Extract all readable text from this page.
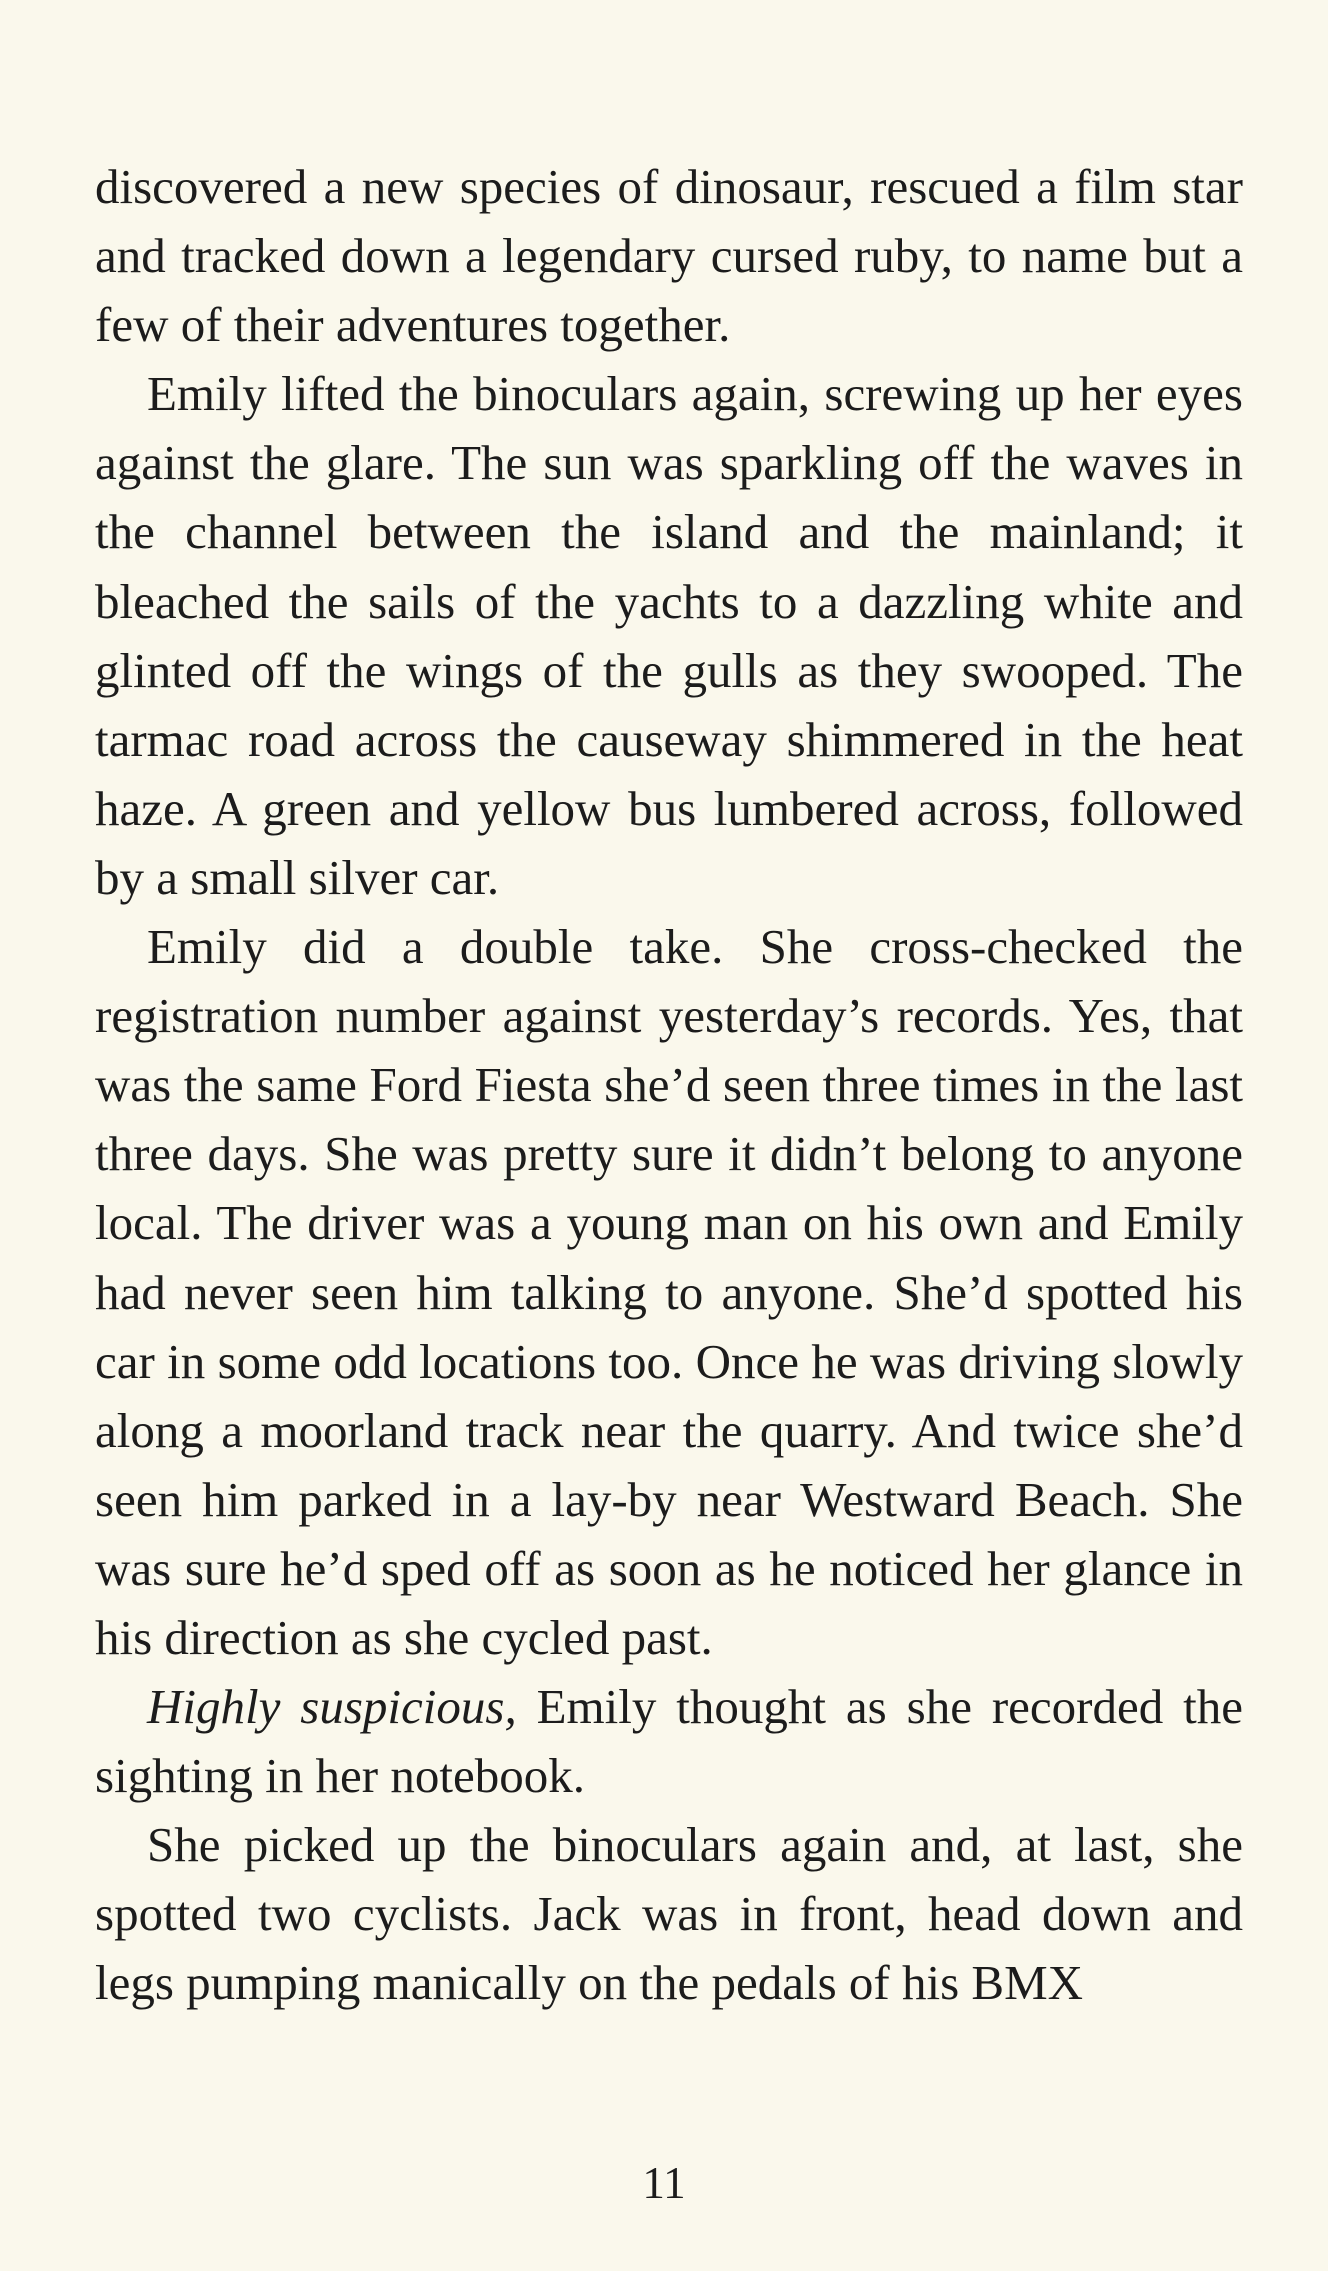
discovered a new species of dinosaur, rescued a film star and tracked down a legendary cursed ruby, to name but a few of their adventures together.

Emily lifted the binoculars again, screwing up her eyes against the glare. The sun was sparkling off the waves in the channel between the island and the mainland; it bleached the sails of the yachts to a dazzling white and glinted off the wings of the gulls as they swooped. The tarmac road across the causeway shimmered in the heat haze. A green and yellow bus lumbered across, followed by a small silver car.

Emily did a double take. She cross-checked the registration number against yesterday’s records. Yes, that was the same Ford Fiesta she’d seen three times in the last three days. She was pretty sure it didn’t belong to anyone local. The driver was a young man on his own and Emily had never seen him talking to anyone. She’d spotted his car in some odd locations too. Once he was driving slowly along a moorland track near the quarry. And twice she’d seen him parked in a lay-by near Westward Beach. She was sure he’d sped off as soon as he noticed her glance in his direction as she cycled past.

Highly suspicious, Emily thought as she recorded the sighting in her notebook.

She picked up the binoculars again and, at last, she spotted two cyclists. Jack was in front, head down and legs pumping manically on the pedals of his BMX

11
